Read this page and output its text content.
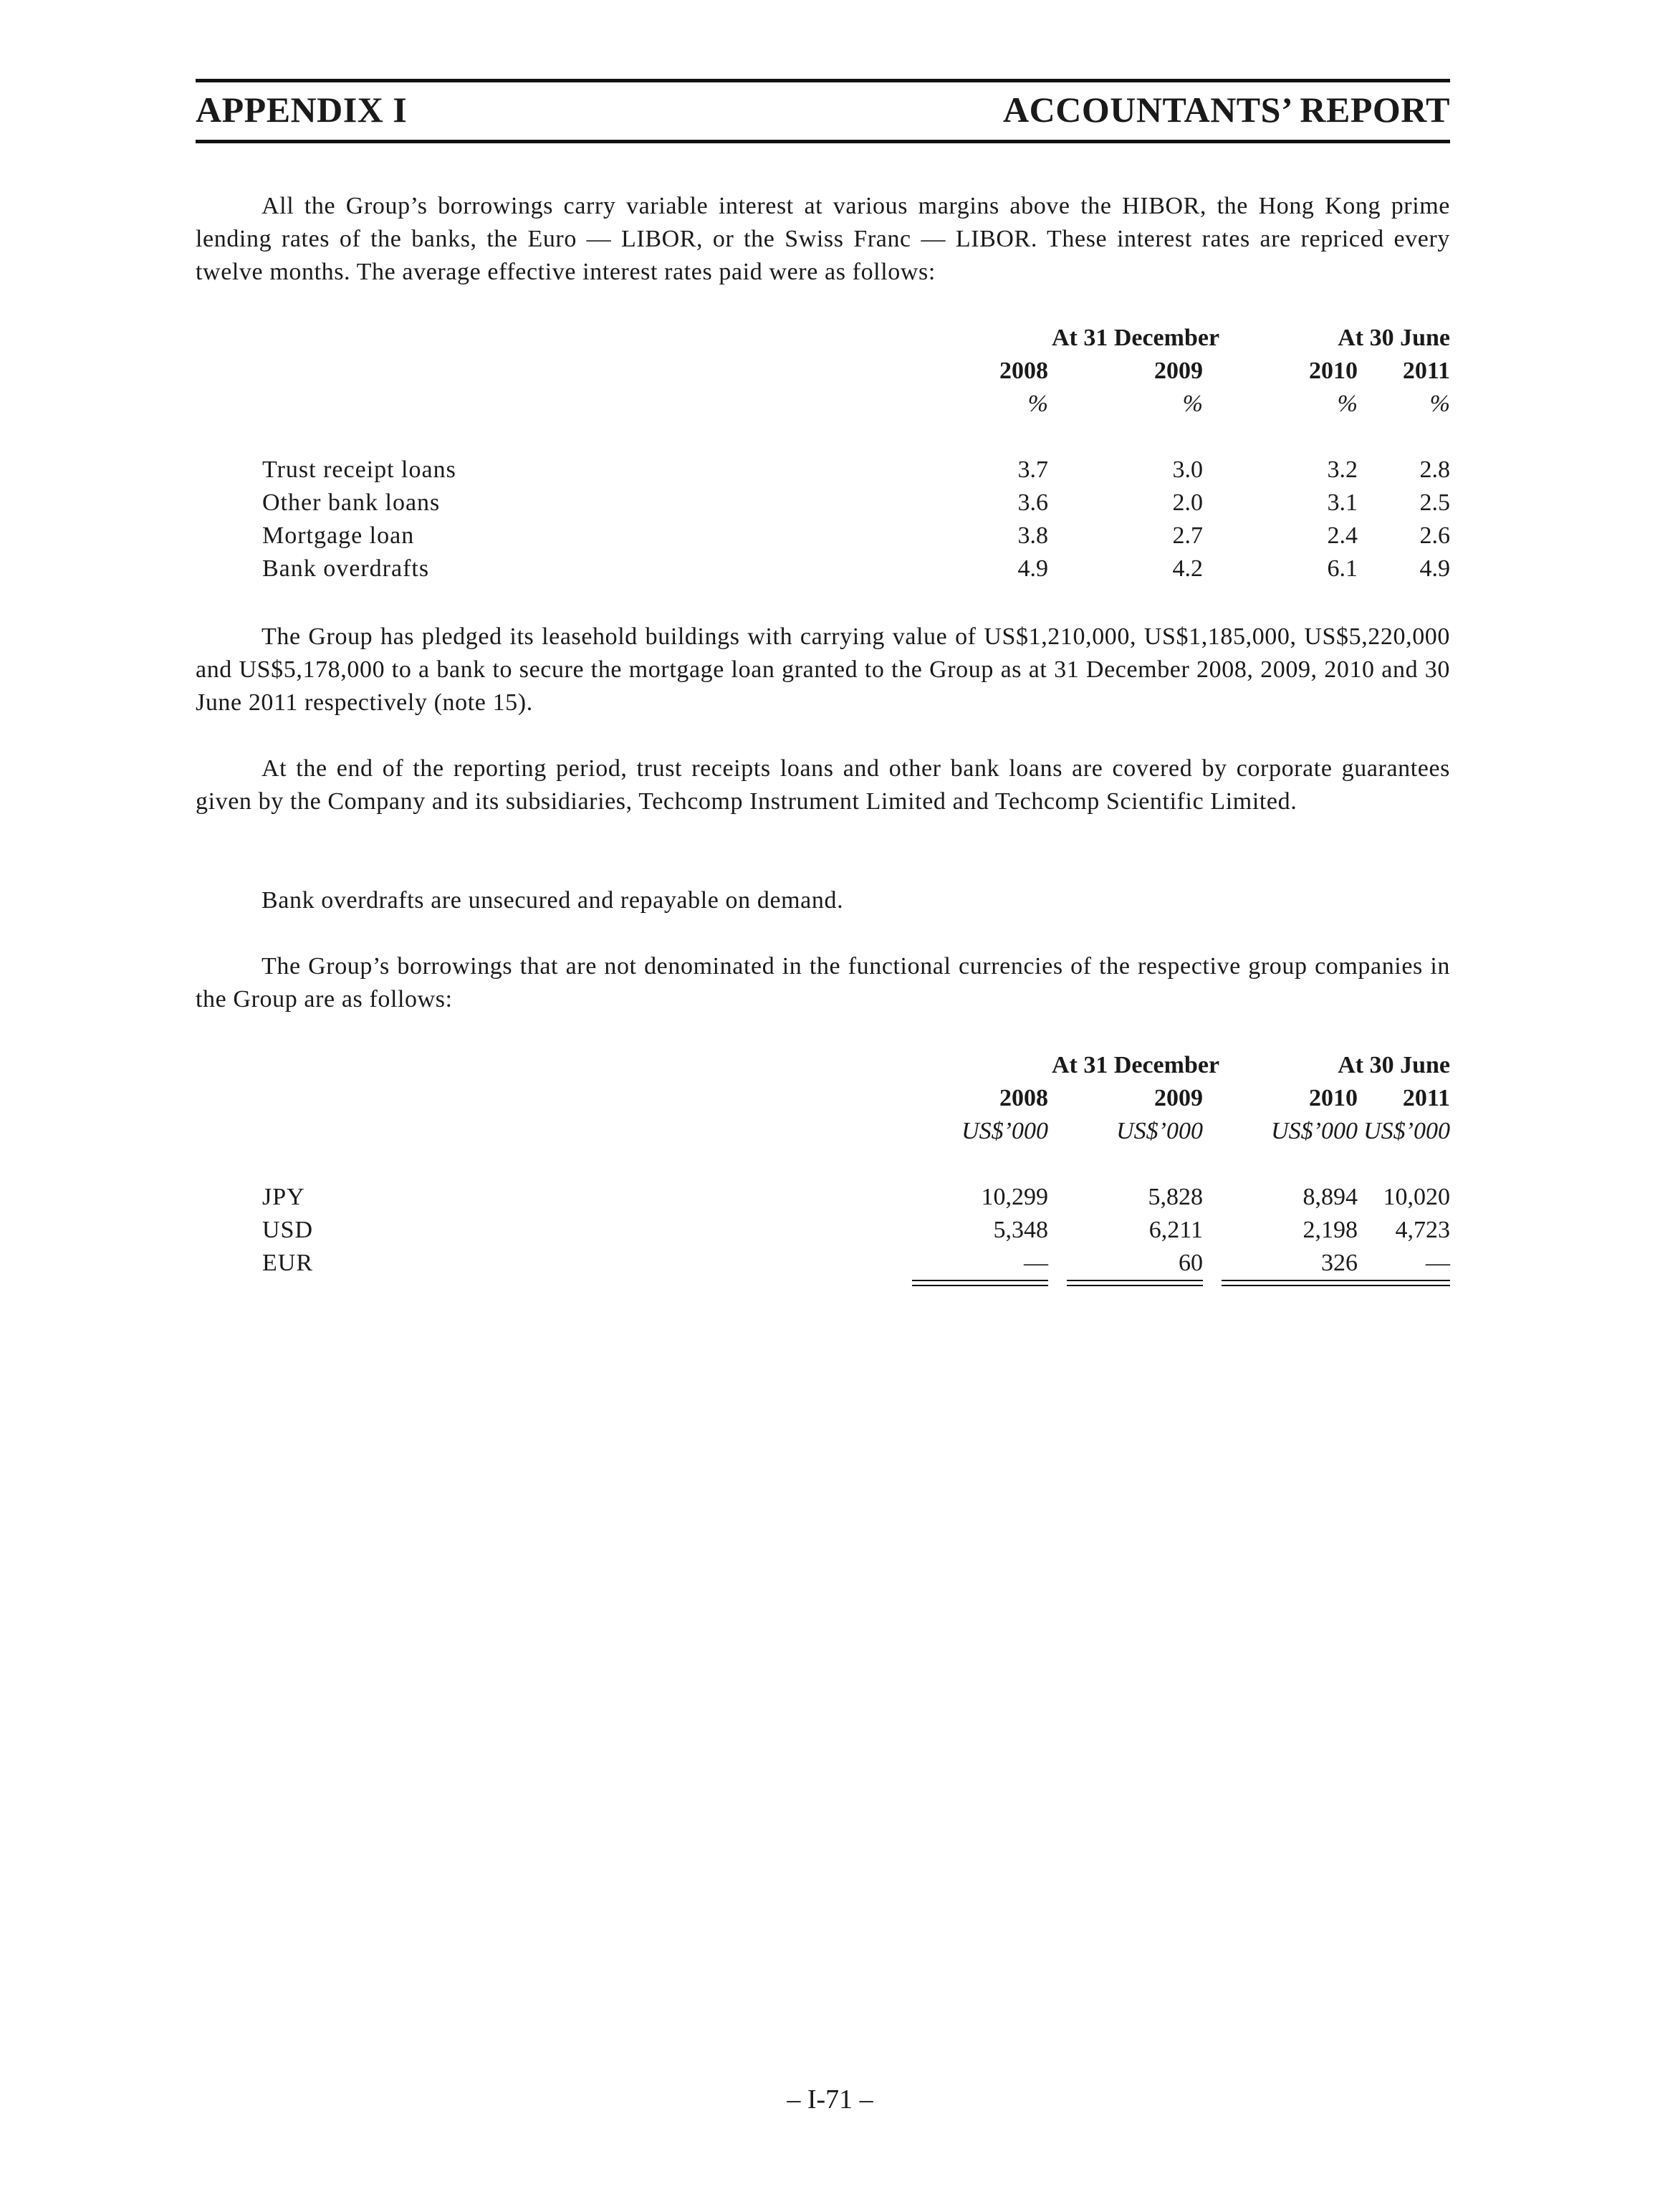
APPENDIX I	ACCOUNTANTS’ REPORT
All the Group’s borrowings carry variable interest at various margins above the HIBOR, the Hong Kong prime lending rates of the banks, the Euro — LIBOR, or the Swiss Franc — LIBOR. These interest rates are repriced every twelve months. The average effective interest rates paid were as follows:
At 31 December	At 30 June
2008	2009	2010	2011
%	%	%	%
Trust receipt loans	3.7	3.0	3.2	2.8
Other bank loans	3.6	2.0	3.1	2.5
Mortgage loan	3.8	2.7	2.4	2.6
Bank overdrafts	4.9	4.2	6.1	4.9
The Group has pledged its leasehold buildings with carrying value of US$1,210,000, US$1,185,000, US$5,220,000 and US$5,178,000 to a bank to secure the mortgage loan granted to the Group as at 31 December 2008, 2009, 2010 and 30 June 2011 respectively (note 15).
At the end of the reporting period, trust receipts loans and other bank loans are covered by corporate guarantees given by the Company and its subsidiaries, Techcomp Instrument Limited and Techcomp Scientific Limited.
Bank overdrafts are unsecured and repayable on demand.
The Group’s borrowings that are not denominated in the functional currencies of the respective group companies in the Group are as follows:
At 31 December	At 30 June
2008	2009	2010	2011
US$’000	US$’000	US$’000 US$’000
JPY	10,299	5,828	8,894	10,020
USD	5,348	6,211	2,198	4,723
EUR	—	60	326	—
– I-71 –
